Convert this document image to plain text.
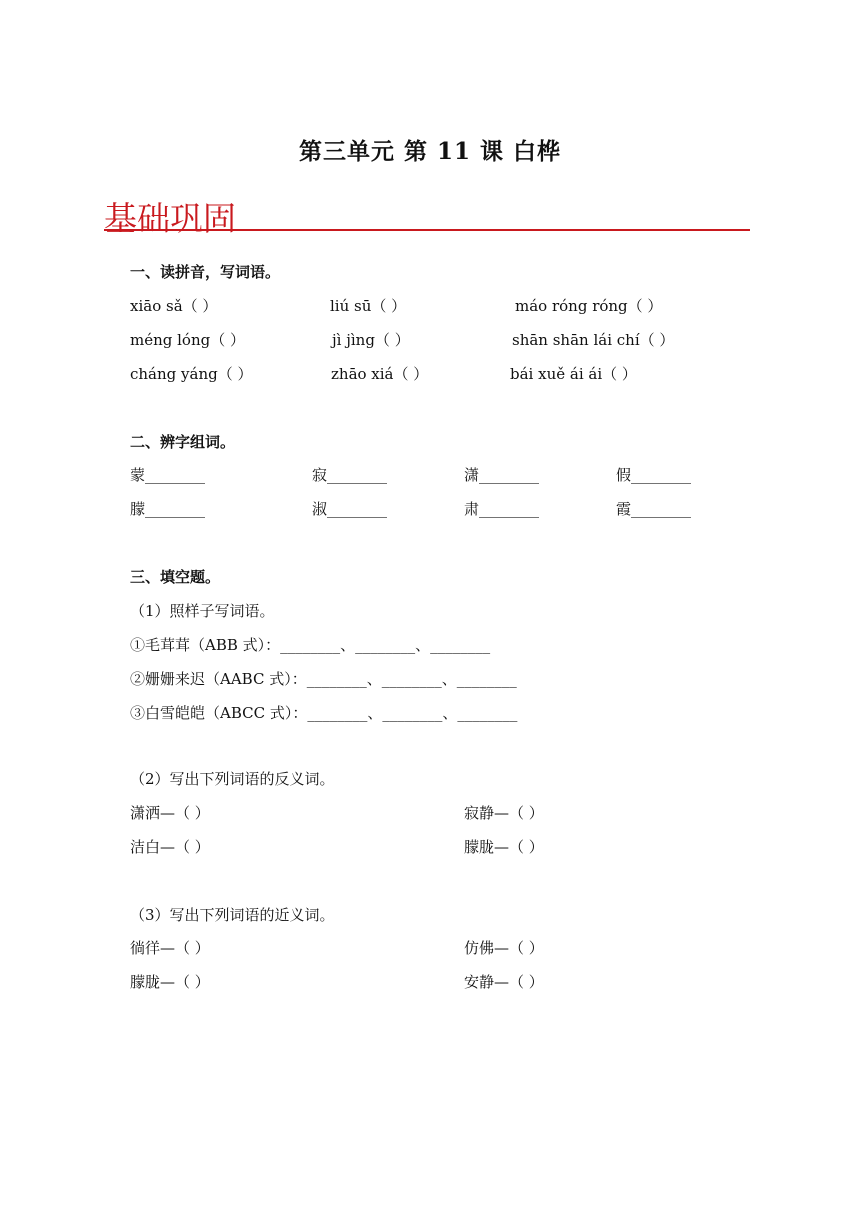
第三单元 第 11 课 白桦
基础巩固
一、读拼音，写词语。
xiāo sǎ（ ）	liú sū（ ）	máo róng róng（ ）
méng lóng（ ）	jì jìng（ ）	shān shān lái chí（ ）
cháng yáng（ ）	zhāo xiá（ ）	bái xuě ái ái（ ）
二、辨字组词。
蒙________	寂________	潇________	假________
朦________	淑________	肃________	霞________
三、填空题。
（1）照样子写词语。
①毛茸茸（ABB 式）：________、________、________
②姗姗来迟（AABC 式）：________、________、________
③白雪皑皑（ABCC 式）：________、________、________
（2）写出下列词语的反义词。
潇洒—（ ）	寂静—（ ）
洁白—（ ）	朦胧—（ ）
（3）写出下列词语的近义词。
徜徉—（ ）	仿佛—（ ）
朦胧—（ ）	安静—（ ）
